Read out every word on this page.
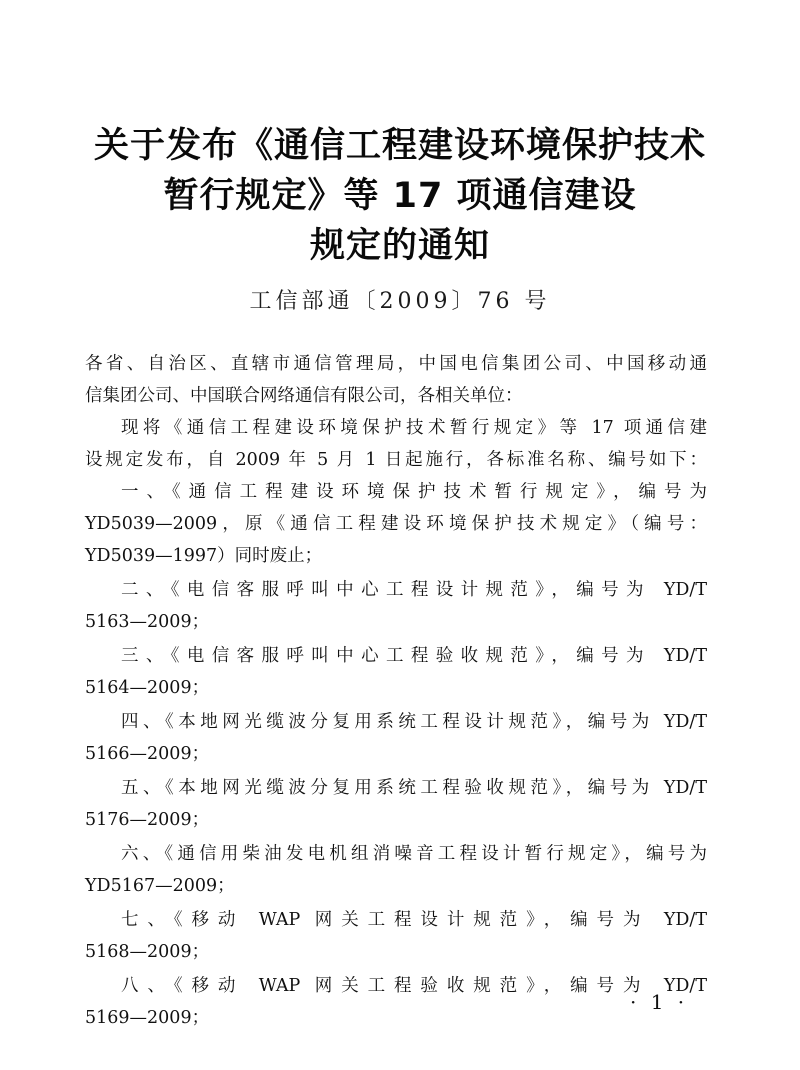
关于发布《通信工程建设环境保护技术
暂行规定》等 17 项通信建设
规定的通知
工信部通〔2009〕76 号
各省、自治区、直辖市通信管理局，中国电信集团公司、中国移动通
信集团公司、中国联合网络通信有限公司，各相关单位：
现将《通信工程建设环境保护技术暂行规定》等 17 项通信建
设规定发布，自 2009 年 5 月 1 日起施行，各标准名称、编号如下：
一、《通信工程建设环境保护技术暂行规定》，编号为
YD5039—2009，原《通信工程建设环境保护技术规定》（编号：
YD5039—1997）同时废止；
二、《电信客服呼叫中心工程设计规范》，编号为 YD/T
5163—2009；
三、《电信客服呼叫中心工程验收规范》，编号为 YD/T
5164—2009；
四、《本地网光缆波分复用系统工程设计规范》，编号为 YD/T
5166—2009；
五、《本地网光缆波分复用系统工程验收规范》，编号为 YD/T
5176—2009；
六、《通信用柴油发电机组消噪音工程设计暂行规定》，编号为
YD5167—2009；
七、《移动 WAP 网关工程设计规范》，编号为 YD/T
5168—2009；
八、《移动 WAP 网关工程验收规范》，编号为 YD/T
5169—2009；
· 1 ·
